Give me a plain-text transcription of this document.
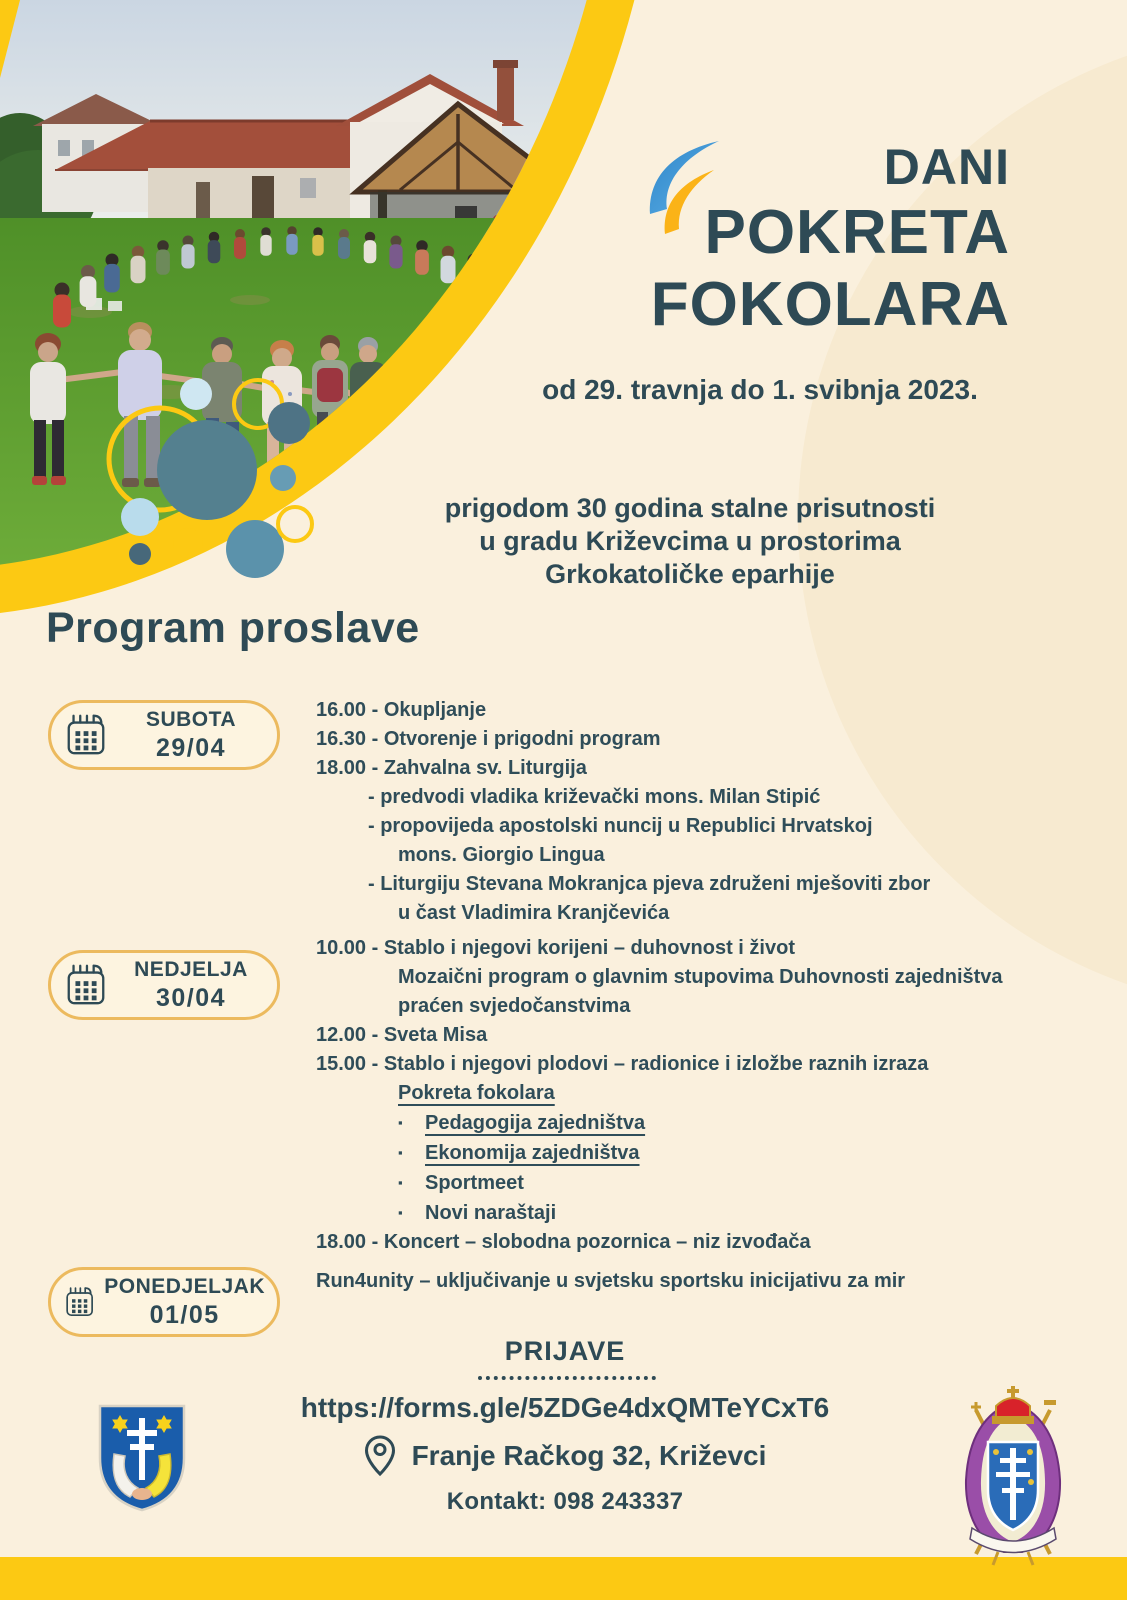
DANI
POKRETA
FOKOLARA
od 29. travnja do 1. svibnja 2023.
prigodom 30 godina stalne prisutnosti
u gradu Križevcima u prostorima
Grkokatoličke eparhije
Program proslave
SUBOTA
29/04
16.00 - Okupljanje
16.30 - Otvorenje i prigodni program
18.00 - Zahvalna sv. Liturgija
- predvodi vladika križevački mons. Milan Stipić
- propovijeda apostolski nuncij u Republici Hrvatskoj
mons. Giorgio Lingua
- Liturgiju Stevana Mokranjca pjeva združeni mješoviti zbor
u čast Vladimira Kranjčevića
NEDJELJA
30/04
10.00 - Stablo i njegovi korijeni – duhovnost i život
Mozaični program o glavnim stupovima Duhovnosti zajedništva
praćen svjedočanstvima
12.00 - Sveta Misa
15.00 - Stablo i njegovi plodovi – radionice i izložbe raznih izraza
Pokreta fokolara
▪ Pedagogija zajedništva
▪ Ekonomija zajedništva
▪ Sportmeet
▪ Novi naraštaji
18.00 - Koncert – slobodna pozornica – niz izvođača
PONEDJELJAK
01/05
Run4unity – uključivanje u svjetsku sportsku inicijativu za mir
PRIJAVE
https://forms.gle/5ZDGe4dxQMTeYCxT6
Franje Račkog 32, Križevci
Kontakt: 098 243337
